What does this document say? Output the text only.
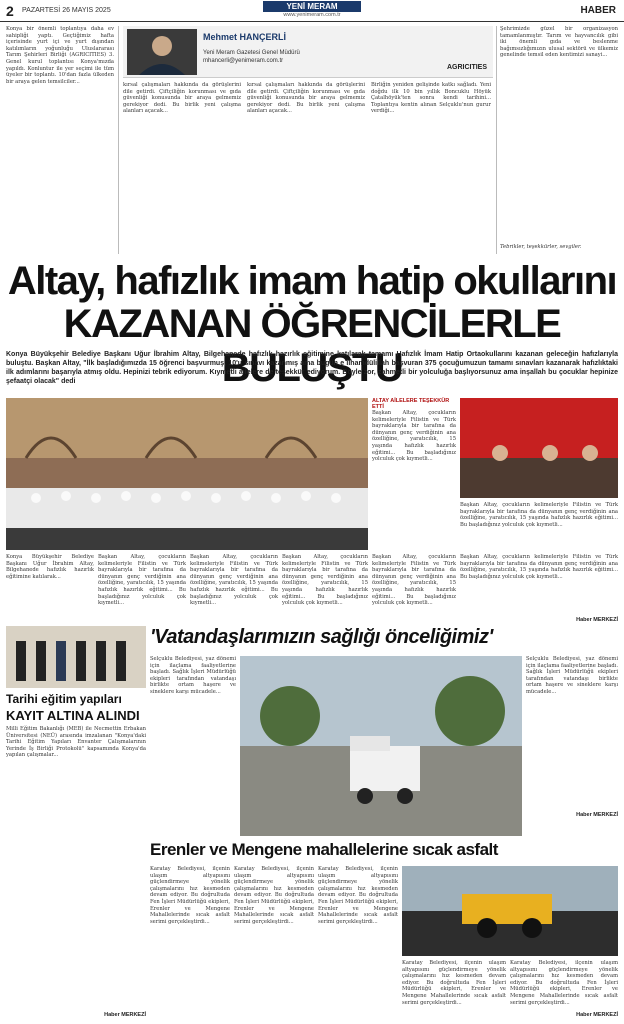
2 PAZARTESİ 26 MAYIS 2025	YENİ MERAM
www.yenimeram.com.tr	HABER
Konya bir önemli toplantıya daha ev sahipliği yaptı. Geçtiğimiz hafta içerisinde yurt içi ve yurt dışından katılımların yoğunluğu Uluslararası Tarım Şehirleri Birliği (AGRICITIES) 3. Genel kurul toplantısı Konya'mızda yapıldı. Konluntur ile yer seçimi ile tüm üyeler bir toplantı. 10'dan fazla ülkeden bir araya gelen temsilciler...
Mehmet HANÇERLİ
Yeni Meram Gazetesi Genel Müdürü
mhancerli@yenimeram.com.tr
AGRICITIES
kırsal çalışmaları hakkında da görüşlerini dile getirdi. Çiftçiliğin korunması ve gıda güvenliği konusunda bir araya gelmemiz gerekiyor dedi. Bu birlik yeni çalışma alanları açacak...
kırsal çalışmaları hakkında da görüşlerini dile getirdi. Çiftçiliğin korunması ve gıda güvenliği konusunda bir araya gelmemiz gerekiyor dedi. Bu birlik yeni çalışma alanları açacak...
Birliğin yeniden gelişinde katkı sağladı. Yeni doğdu ilk 10 bin yıllık Boncuklu Höyük Çatalhöyük'ten sonra kendi tarihini... Toplantıya kentin alınan Selçuklu'nun gurur verdiği...
Şehrimizde güzel bir organizasyon tamamlanmıştır. Tarım ve hayvancılık gibi iki önemli gıda ve beslenme bağımsızlığımızın ulusal sektörü ve ülkemiz genelinde temsil eden kentimizi sanayi...
Tebrikler, teşekkürler, sevgiler.
Altay, hafızlık imam hatip okullarını
KAZANAN ÖĞRENCİLERLE BULUŞTU
Konya Büyükşehir Belediye Başkanı Uğur İbrahim Altay, Bilgehanede hafızlık hazırlık eğitimine katılarak tamamı Hafızlık İmam Hatip Ortaokullarını kazanan geleceğin hafızlarıyla buluştu. Başkan Altay, "İlk başladığımızda 15 öğrenci başvurmuş, 10'u sınavı kazanmış ama bugün e ilhamdülillah başvuran 375 çocuğumuzun tamamı sınavları kazanarak hafızlıktaki ilk adımlarını başarıyla atmış oldu. Hepinizi tebrik ediyorum. Kıymetli ailelere de teşekkür ediyorum. Böyle zor, zahmetli bir yolculuğa başlıyorsunuz ama inşallah bu çocuklar hepinize şefaatçi olacak" dedi
ALTAY AİLELERE TEŞEKKÜR ETTİ
Başkan Altay, çocukların kelimeleriyle Filistin ve Türk bayraklarıyla bir tarafına da dünyanın genç verdiğinin ana özelliğine, yaratıcılık, 15 yaşında hafızlık hazırlık eğitimi... Bu başladığınız yolculuk çok kıymetli...
Başkan Altay, çocukların kelimeleriyle Filistin ve Türk bayraklarıyla bir tarafına da dünyanın genç verdiğinin ana özelliğine, yaratıcılık, 15 yaşında hafızlık hazırlık eğitimi... Bu başladığınız yolculuk çok kıymetli...
Konya Büyükşehir Belediye Başkanı Uğur İbrahim Altay, Bilgehanede hafızlık hazırlık eğitimine katılarak...
Başkan Altay, çocukların kelimeleriyle Filistin ve Türk bayraklarıyla bir tarafına da dünyanın genç verdiğinin ana özelliğine, yaratıcılık, 15 yaşında hafızlık hazırlık eğitimi... Bu başladığınız yolculuk çok kıymetli...
Başkan Altay, çocukların kelimeleriyle Filistin ve Türk bayraklarıyla bir tarafına da dünyanın genç verdiğinin ana özelliğine, yaratıcılık, 15 yaşında hafızlık hazırlık eğitimi... Bu başladığınız yolculuk çok kıymetli...
Başkan Altay, çocukların kelimeleriyle Filistin ve Türk bayraklarıyla bir tarafına da dünyanın genç verdiğinin ana özelliğine, yaratıcılık, 15 yaşında hafızlık hazırlık eğitimi... Bu başladığınız yolculuk çok kıymetli...
Başkan Altay, çocukların kelimeleriyle Filistin ve Türk bayraklarıyla bir tarafına da dünyanın genç verdiğinin ana özelliğine, yaratıcılık, 15 yaşında hafızlık hazırlık eğitimi... Bu başladığınız yolculuk çok kıymetli...
Başkan Altay, çocukların kelimeleriyle Filistin ve Türk bayraklarıyla bir tarafına da dünyanın genç verdiğinin ana özelliğine, yaratıcılık, 15 yaşında hafızlık hazırlık eğitimi... Bu başladığınız yolculuk çok kıymetli...
Haber MERKEZİ
'Vatandaşlarımızın sağlığı önceliğimiz'
Selçuklu Belediyesi, yaz dönemi için ilaçlama faaliyetlerine başladı. Sağlık İşleri Müdürlüğü ekipleri tarafından vatandaşı birlikte ortam haşere ve sineklere karşı mücadele...
Selçuklu Belediyesi, yaz dönemi için ilaçlama faaliyetlerine başladı. Sağlık İşleri Müdürlüğü ekipleri tarafından vatandaşı birlikte ortam haşere ve sineklere karşı mücadele...
Haber MERKEZİ
Tarihi eğitim yapıları
KAYIT ALTINA ALINDI
Milli Eğitim Bakanlığı (MEB) ile Necmettin Erbakan Üniversitesi (NEÜ) arasında imzalanan "Konya'daki Tarihi Eğitim Yapıları Envanter Çalışmalarının Yerinde İş Birliği Protokolü" kapsamında Konya'da yapılan çalışmalar...
Haber MERKEZİ
Erenler ve Mengene mahallelerine sıcak asfalt
Karatay Belediyesi, ilçenin ulaşım altyapısını güçlendirmeye yönelik çalışmalarını hız kesmeden devam ediyor. Bu doğrultuda Fen İşleri Müdürlüğü ekipleri, Erenler ve Mengene Mahallelerinde sıcak asfalt serimi gerçekleştirdi...
Karatay Belediyesi, ilçenin ulaşım altyapısını güçlendirmeye yönelik çalışmalarını hız kesmeden devam ediyor. Bu doğrultuda Fen İşleri Müdürlüğü ekipleri, Erenler ve Mengene Mahallelerinde sıcak asfalt serimi gerçekleştirdi...
Karatay Belediyesi, ilçenin ulaşım altyapısını güçlendirmeye yönelik çalışmalarını hız kesmeden devam ediyor. Bu doğrultuda Fen İşleri Müdürlüğü ekipleri, Erenler ve Mengene Mahallelerinde sıcak asfalt serimi gerçekleştirdi...
Karatay Belediyesi, ilçenin ulaşım altyapısını güçlendirmeye yönelik çalışmalarını hız kesmeden devam ediyor. Bu doğrultuda Fen İşleri Müdürlüğü ekipleri, Erenler ve Mengene Mahallelerinde sıcak asfalt serimi gerçekleştirdi...
Karatay Belediyesi, ilçenin ulaşım altyapısını güçlendirmeye yönelik çalışmalarını hız kesmeden devam ediyor. Bu doğrultuda Fen İşleri Müdürlüğü ekipleri, Erenler ve Mengene Mahallelerinde sıcak asfalt serimi gerçekleştirdi...
Haber MERKEZİ
